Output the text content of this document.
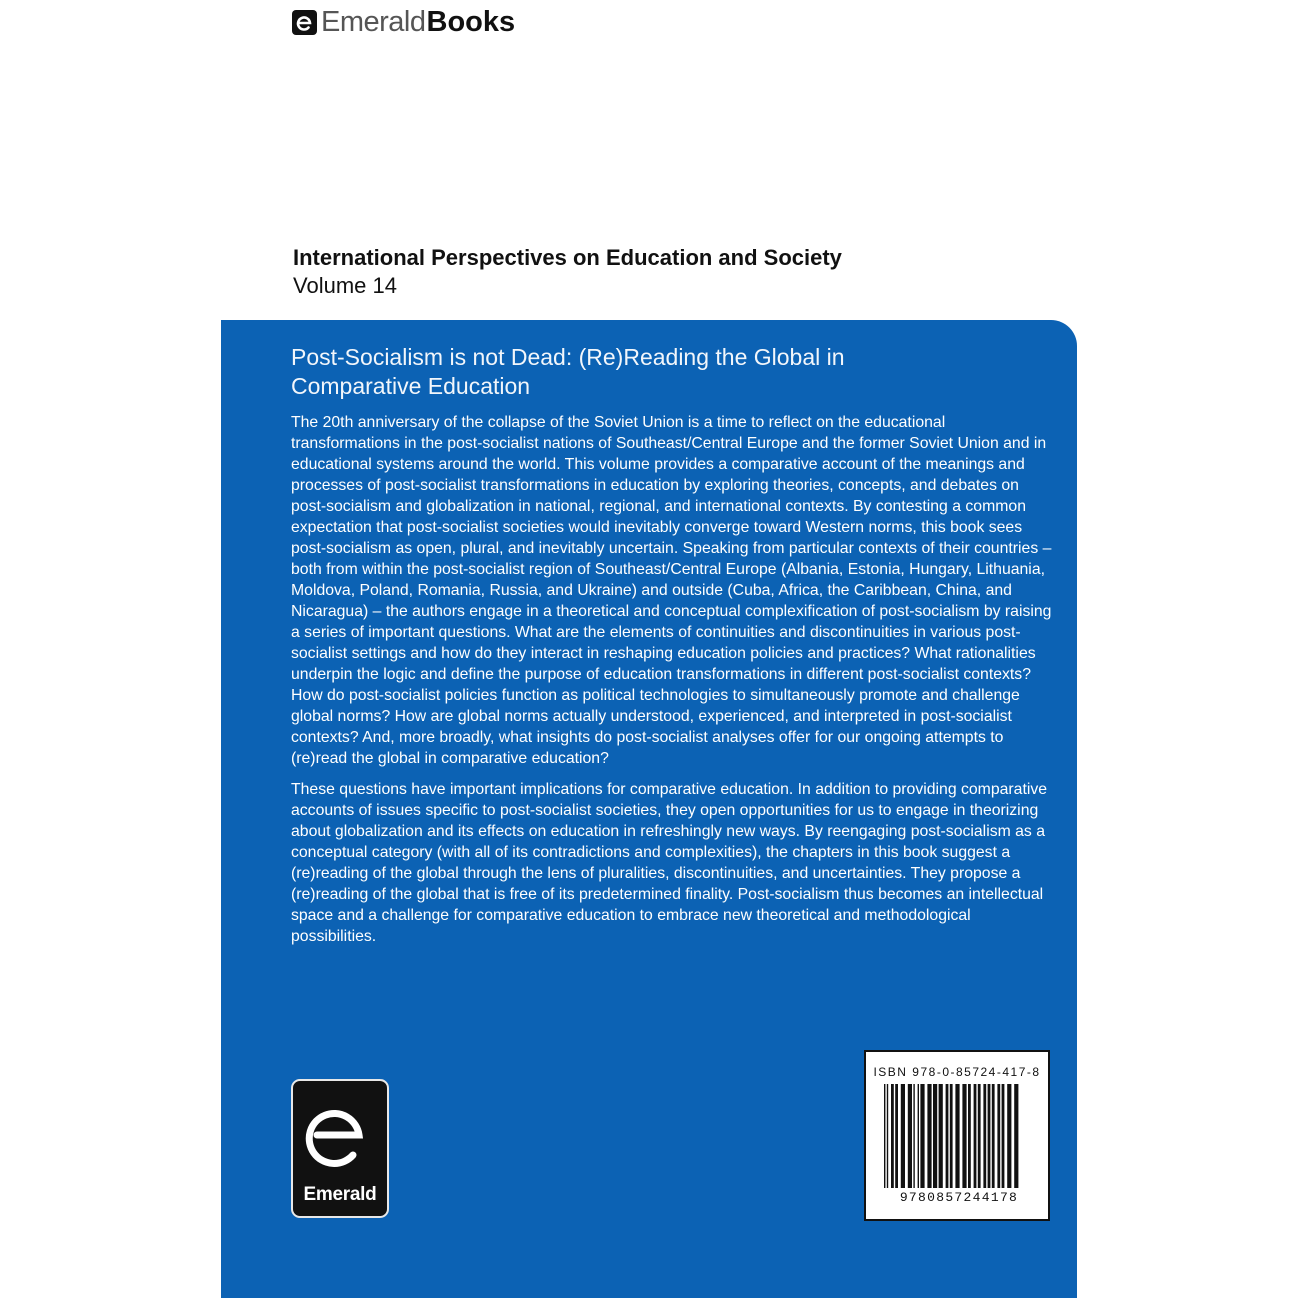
Emerald Books
International Perspectives on Education and Society
Volume 14
Post-Socialism is not Dead: (Re)Reading the Global in Comparative Education

The 20th anniversary of the collapse of the Soviet Union is a time to reflect on the educational transformations in the post-socialist nations of Southeast/Central Europe and the former Soviet Union and in educational systems around the world. This volume provides a comparative account of the meanings and processes of post-socialist transformations in education by exploring theories, concepts, and debates on post-socialism and globalization in national, regional, and international contexts. By contesting a common expectation that post-socialist societies would inevitably converge toward Western norms, this book sees post-socialism as open, plural, and inevitably uncertain. Speaking from particular contexts of their countries – both from within the post-socialist region of Southeast/Central Europe (Albania, Estonia, Hungary, Lithuania, Moldova, Poland, Romania, Russia, and Ukraine) and outside (Cuba, Africa, the Caribbean, China, and Nicaragua) – the authors engage in a theoretical and conceptual complexification of post-socialism by raising a series of important questions. What are the elements of continuities and discontinuities in various post-socialist settings and how do they interact in reshaping education policies and practices? What rationalities underpin the logic and define the purpose of education transformations in different post-socialist contexts? How do post-socialist policies function as political technologies to simultaneously promote and challenge global norms? How are global norms actually understood, experienced, and interpreted in post-socialist contexts? And, more broadly, what insights do post-socialist analyses offer for our ongoing attempts to (re)read the global in comparative education?

These questions have important implications for comparative education. In addition to providing comparative accounts of issues specific to post-socialist societies, they open opportunities for us to engage in theorizing about globalization and its effects on education in refreshingly new ways. By reengaging post-socialism as a conceptual category (with all of its contradictions and complexities), the chapters in this book suggest a (re)reading of the global through the lens of pluralities, discontinuities, and uncertainties. They propose a (re)reading of the global that is free of its predetermined finality. Post-socialism thus becomes an intellectual space and a challenge for comparative education to embrace new theoretical and methodological possibilities.

Emerald
ISBN 978-0-85724-417-8
9780857244178
